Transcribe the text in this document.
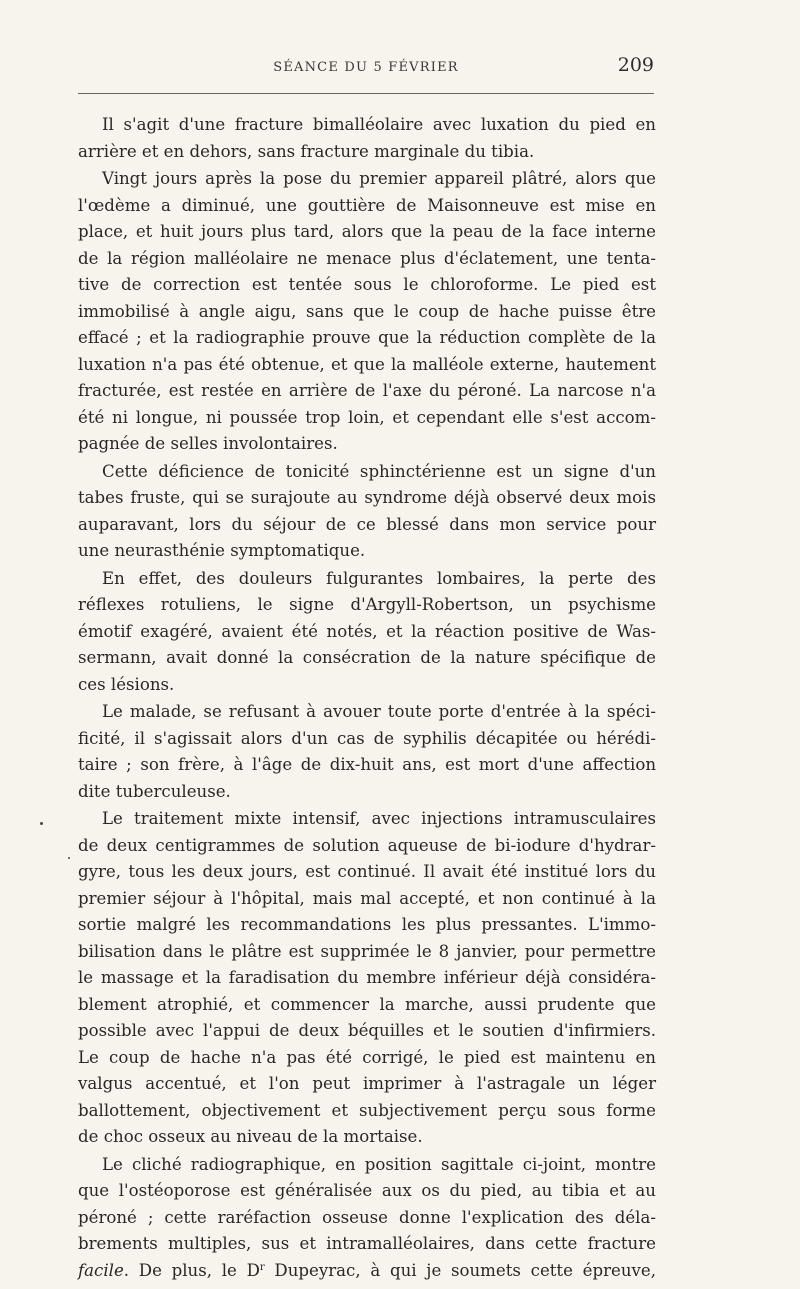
SÉANCE DU 5 FÉVRIER	209
Il s'agit d'une fracture bimalléolaire avec luxation du pied en
arrière et en dehors, sans fracture marginale du tibia.
Vingt jours après la pose du premier appareil plâtré, alors que
l'œdème a diminué, une gouttière de Maisonneuve est mise en
place, et huit jours plus tard, alors que la peau de la face interne
de la région malléolaire ne menace plus d'éclatement, une tenta-
tive de correction est tentée sous le chloroforme. Le pied est
immobilisé à angle aigu, sans que le coup de hache puisse être
effacé ; et la radiographie prouve que la réduction complète de la
luxation n'a pas été obtenue, et que la malléole externe, hautement
fracturée, est restée en arrière de l'axe du péroné. La narcose n'a
été ni longue, ni poussée trop loin, et cependant elle s'est accom-
pagnée de selles involontaires.
Cette déficience de tonicité sphinctérienne est un signe d'un
tabes fruste, qui se surajoute au syndrome déjà observé deux mois
auparavant, lors du séjour de ce blessé dans mon service pour
une neurasthénie symptomatique.
En effet, des douleurs fulgurantes lombaires, la perte des
réflexes rotuliens, le signe d'Argyll-Robertson, un psychisme
émotif exagéré, avaient été notés, et la réaction positive de Was-
sermann, avait donné la consécration de la nature spécifique de
ces lésions.
Le malade, se refusant à avouer toute porte d'entrée à la spéci-
ficité, il s'agissait alors d'un cas de syphilis décapitée ou hérédi-
taire ; son frère, à l'âge de dix-huit ans, est mort d'une affection
dite tuberculeuse.
Le traitement mixte intensif, avec injections intramusculaires
de deux centigrammes de solution aqueuse de bi-iodure d'hydrar-
gyre, tous les deux jours, est continué. Il avait été institué lors du
premier séjour à l'hôpital, mais mal accepté, et non continué à la
sortie malgré les recommandations les plus pressantes. L'immo-
bilisation dans le plâtre est supprimée le 8 janvier, pour permettre
le massage et la faradisation du membre inférieur déjà considéra-
blement atrophié, et commencer la marche, aussi prudente que
possible avec l'appui de deux béquilles et le soutien d'infirmiers.
Le coup de hache n'a pas été corrigé, le pied est maintenu en
valgus accentué, et l'on peut imprimer à l'astragale un léger
ballottement, objectivement et subjectivement perçu sous forme
de choc osseux au niveau de la mortaise.
Le cliché radiographique, en position sagittale ci-joint, montre
que l'ostéoporose est généralisée aux os du pied, au tibia et au
péroné ; cette raréfaction osseuse donne l'explication des déla-
brements multiples, sus et intramalléolaires, dans cette fracture
facile. De plus, le $D^r$ Dupeyrac, à qui je soumets cette épreuve,
